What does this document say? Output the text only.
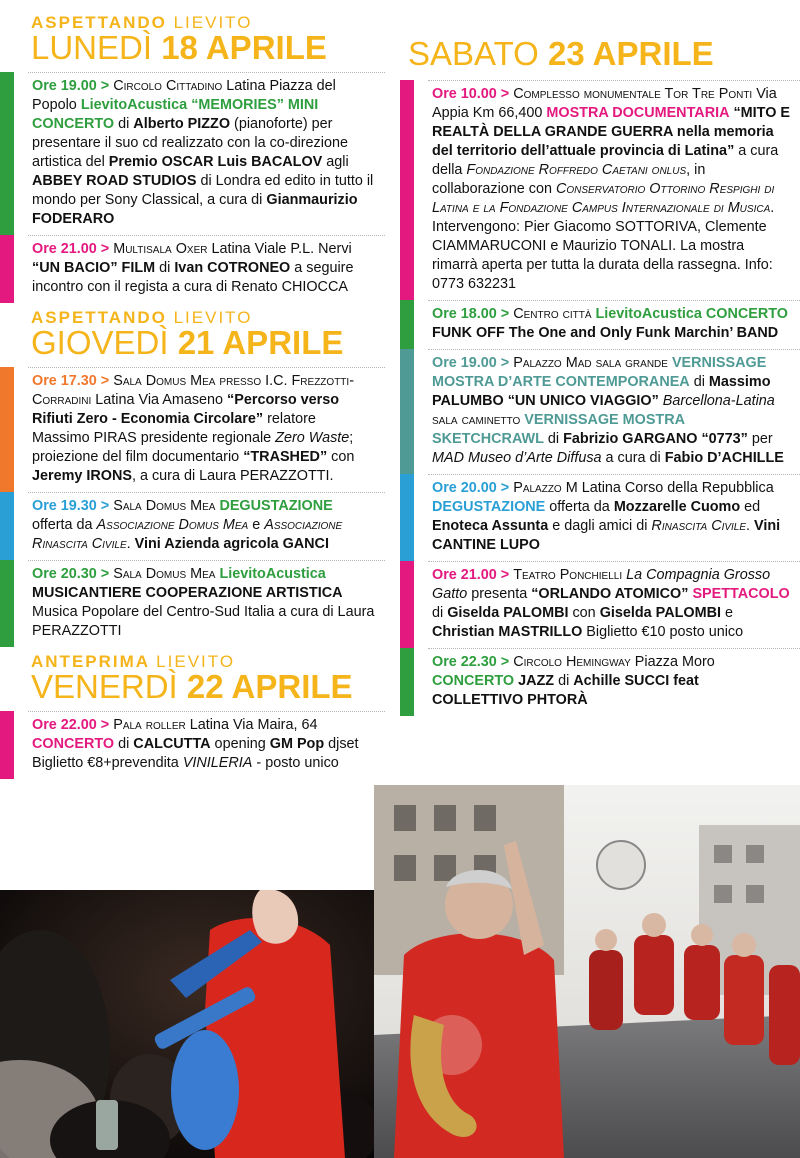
ASPETTANDO LIEVITO
LUNEDÌ 18 APRILE
Ore 19.00 > Circolo Cittadino Latina Piazza del Popolo LievitoAcustica “MEMORIES” MINI CONCERTO di Alberto PIZZO (pianoforte) per presentare il suo cd realizzato con la co-direzione artistica del Premio OSCAR Luis BACALOV agli ABBEY ROAD STUDIOS di Londra ed edito in tutto il mondo per Sony Classical, a cura di Gianmaurizio FODERARO
Ore 21.00 > Multisala Oxer Latina Viale P.L. Nervi “UN BACIO” FILM di Ivan COTRONEO a seguire incontro con il regista a cura di Renato CHIOCCA
ASPETTANDO LIEVITO
GIOVEDÌ 21 APRILE
Ore 17.30 > Sala Domus Mea presso I.C. Frezzotti-Corradini Latina Via Amaseno “Percorso verso Rifiuti Zero - Economia Circolare” relatore Massimo PIRAS presidente regionale Zero Waste; proiezione del film documentario “TRASHED” con Jeremy IRONS, a cura di Laura PERAZZOTTI.
Ore 19.30 > Sala Domus Mea DEGUSTAZIONE offerta da Associazione Domus Mea e Associazione Rinascita Civile. Vini Azienda agricola GANCI
Ore 20.30 > Sala Domus Mea LievitoAcustica MUSICANTIERE COOPERAZIONE ARTISTICA Musica Popolare del Centro-Sud Italia a cura di Laura PERAZZOTTI
ANTEPRIMA LIEVITO
VENERDÌ 22 APRILE
Ore 22.00 > Pala roller Latina Via Maira, 64 CONCERTO di CALCUTTA opening GM Pop djset Biglietto €8+prevendita VINILERIA - posto unico
SABATO 23 APRILE
Ore 10.00 > Complesso monumentale Tor Tre Ponti Via Appia Km 66,400 MOSTRA DOCUMENTARIA “MITO E REALTÀ DELLA GRANDE GUERRA nella memoria del territorio dell’attuale provincia di Latina” a cura della Fondazione Roffredo Caetani onlus, in collaborazione con Conservatorio Ottorino Respighi di Latina e la Fondazione Campus Internazionale di Musica. Intervengono: Pier Giacomo SOTTORIVA, Clemente CIAMMARUCONI e Maurizio TONALI. La mostra rimarrà aperta per tutta la durata della rassegna. Info: 0773 632231
Ore 18.00 > Centro città LievitoAcustica CONCERTO FUNK OFF The One and Only Funk Marchin’ BAND
Ore 19.00 > Palazzo Mad sala grande VERNISSAGE MOSTRA D’ARTE CONTEMPORANEA di Massimo PALUMBO “UN UNICO VIAGGIO” Barcellona-Latina sala caminetto VERNISSAGE MOSTRA SKETCHCRAWL di Fabrizio GARGANO “0773” per MAD Museo d’Arte Diffusa a cura di Fabio D’ACHILLE
Ore 20.00 > Palazzo M Latina Corso della Repubblica DEGUSTAZIONE offerta da Mozzarelle Cuomo ed Enoteca Assunta e dagli amici di Rinascita Civile. Vini CANTINE LUPO
Ore 21.00 > Teatro Ponchielli La Compagnia Grosso Gatto presenta “ORLANDO ATOMICO” SPETTACOLO di Giselda PALOMBI con Giselda PALOMBI e Christian MASTRILLO Biglietto €10 posto unico
Ore 22.30 > Circolo Hemingway Piazza Moro CONCERTO JAZZ di Achille SUCCI feat COLLETTIVO PHTORÀ
